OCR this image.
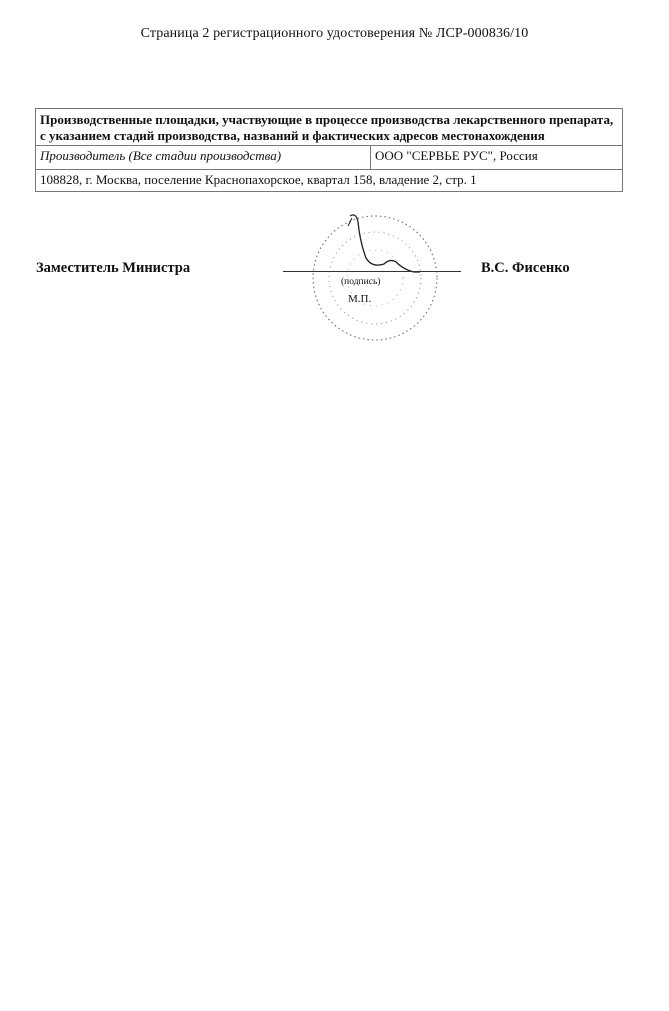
Страница 2 регистрационного удостоверения № ЛСР-000836/10
Производственные площадки, участвующие в процессе производства лекарственного препарата, с указанием стадий производства, названий и фактических адресов местонахождения
Производитель (Все стадии производства)	ООО "СЕРВЬЕ РУС", Россия
108828, г. Москва, поселение Краснопахорское, квартал 158, владение 2, стр. 1
Заместитель Министра
(подпись)
М.П.
В.С. Фисенко
